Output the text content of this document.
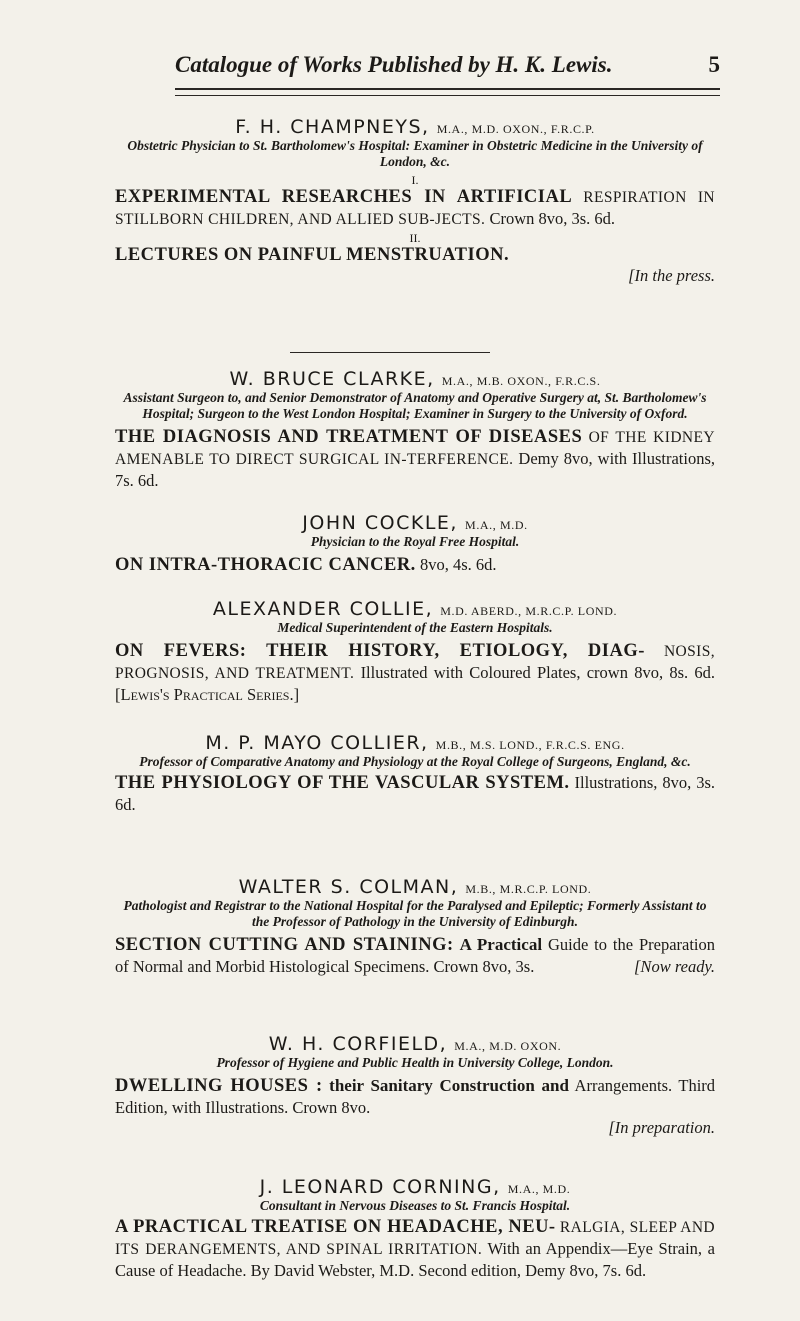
Catalogue of Works Published by H. K. Lewis.	5
F. H. CHAMPNEYS, M.A., M.D. OXON., F.R.C.P.
Obstetric Physician to St. Bartholomew's Hospital: Examiner in Obstetric Medicine in the University of London, &c.
I.
EXPERIMENTAL RESEARCHES IN ARTIFICIAL RESPIRATION IN STILLBORN CHILDREN, AND ALLIED SUB-JECTS. Crown 8vo, 3s. 6d.
II.
LECTURES ON PAINFUL MENSTRUATION.
[In the press.
W. BRUCE CLARKE, M.A., M.B. OXON., F.R.C.S.
Assistant Surgeon to, and Senior Demonstrator of Anatomy and Operative Surgery at, St. Bartholomew's Hospital; Surgeon to the West London Hospital; Examiner in Surgery to the University of Oxford.
THE DIAGNOSIS AND TREATMENT OF DISEASES OF THE KIDNEY AMENABLE TO DIRECT SURGICAL IN-TERFERENCE. Demy 8vo, with Illustrations, 7s. 6d.
JOHN COCKLE, M.A., M.D.
Physician to the Royal Free Hospital.
ON INTRA-THORACIC CANCER. 8vo, 4s. 6d.
ALEXANDER COLLIE, M.D. ABERD., M.R.C.P. LOND.
Medical Superintendent of the Eastern Hospitals.
ON FEVERS: THEIR HISTORY, ETIOLOGY, DIAG- NOSIS, PROGNOSIS, AND TREATMENT. Illustrated with Coloured Plates, crown 8vo, 8s. 6d. [Lewis's Practical Series.]
M. P. MAYO COLLIER, M.B., M.S. LOND., F.R.C.S. ENG.
Professor of Comparative Anatomy and Physiology at the Royal College of Surgeons, England, &c.
THE PHYSIOLOGY OF THE VASCULAR SYSTEM. Illustrations, 8vo, 3s. 6d.
WALTER S. COLMAN, M.B., M.R.C.P. LOND.
Pathologist and Registrar to the National Hospital for the Paralysed and Epileptic; Formerly Assistant to the Professor of Pathology in the University of Edinburgh.
SECTION CUTTING AND STAINING: A Practical Guide to the Preparation of Normal and Morbid Histological Specimens. Crown 8vo, 3s.	[Now ready.
W. H. CORFIELD, M.A., M.D. OXON.
Professor of Hygiene and Public Health in University College, London.
DWELLING HOUSES : their Sanitary Construction and Arrangements. Third Edition, with Illustrations. Crown 8vo.
[In preparation.
J. LEONARD CORNING, M.A., M.D.
Consultant in Nervous Diseases to St. Francis Hospital.
A PRACTICAL TREATISE ON HEADACHE, NEU- RALGIA, SLEEP AND ITS DERANGEMENTS, AND SPINAL IRRITATION. With an Appendix—Eye Strain, a Cause of Headache. By David Webster, M.D. Second edition, Demy 8vo, 7s. 6d.
